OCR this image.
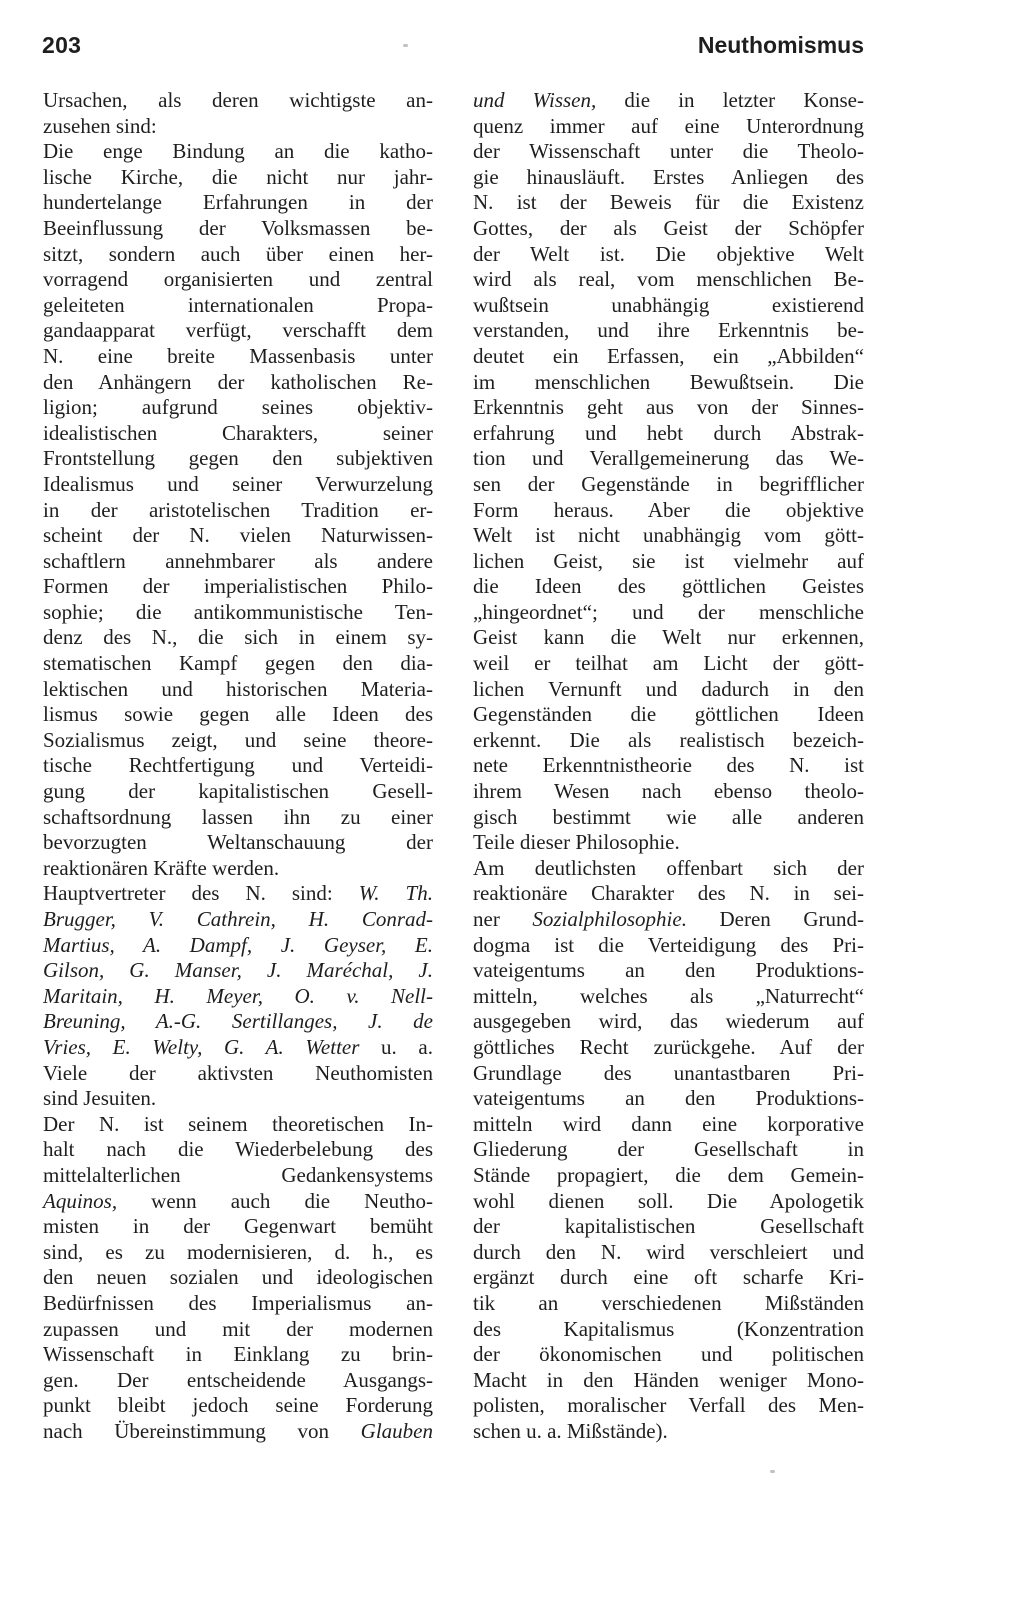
203	Neuthomismus
Ursachen, als deren wichtigste an-
zusehen sind:
Die enge Bindung an die katho-
lische Kirche, die nicht nur jahr-
hundertelange Erfahrungen in der
Beeinflussung der Volksmassen be-
sitzt, sondern auch über einen her-
vorragend organisierten und zentral
geleiteten internationalen Propa-
gandaapparat verfügt, verschafft dem
N. eine breite Massenbasis unter
den Anhängern der katholischen Re-
ligion; aufgrund seines objektiv-
idealistischen Charakters, seiner
Frontstellung gegen den subjektiven
Idealismus und seiner Verwurzelung
in der aristotelischen Tradition er-
scheint der N. vielen Naturwissen-
schaftlern annehmbarer als andere
Formen der imperialistischen Philo-
sophie; die antikommunistische Ten-
denz des N., die sich in einem sy-
stematischen Kampf gegen den dia-
lektischen und historischen Materia-
lismus sowie gegen alle Ideen des
Sozialismus zeigt, und seine theore-
tische Rechtfertigung und Verteidi-
gung der kapitalistischen Gesell-
schaftsordnung lassen ihn zu einer
bevorzugten Weltanschauung der
reaktionären Kräfte werden.
Hauptvertreter des N. sind: W. Th.
Brugger, V. Cathrein, H. Conrad-
Martius, A. Dampf, J. Geyser, E.
Gilson, G. Manser, J. Maréchal, J.
Maritain, H. Meyer, O. v. Nell-
Breuning, A.-G. Sertillanges, J. de
Vries, E. Welty, G. A. Wetter u. a.
Viele der aktivsten Neuthomisten
sind Jesuiten.
Der N. ist seinem theoretischen In-
halt nach die Wiederbelebung des
mittelalterlichen Gedankensystems
Aquinos, wenn auch die Neutho-
misten in der Gegenwart bemüht
sind, es zu modernisieren, d. h., es
den neuen sozialen und ideologischen
Bedürfnissen des Imperialismus an-
zupassen und mit der modernen
Wissenschaft in Einklang zu brin-
gen. Der entscheidende Ausgangs-
punkt bleibt jedoch seine Forderung
nach Übereinstimmung von Glauben
und Wissen, die in letzter Konse-
quenz immer auf eine Unterordnung
der Wissenschaft unter die Theolo-
gie hinausläuft. Erstes Anliegen des
N. ist der Beweis für die Existenz
Gottes, der als Geist der Schöpfer
der Welt ist. Die objektive Welt
wird als real, vom menschlichen Be-
wußtsein unabhängig existierend
verstanden, und ihre Erkenntnis be-
deutet ein Erfassen, ein „Abbilden“
im menschlichen Bewußtsein. Die
Erkenntnis geht aus von der Sinnes-
erfahrung und hebt durch Abstrak-
tion und Verallgemeinerung das We-
sen der Gegenstände in begrifflicher
Form heraus. Aber die objektive
Welt ist nicht unabhängig vom gött-
lichen Geist, sie ist vielmehr auf
die Ideen des göttlichen Geistes
„hingeordnet“; und der menschliche
Geist kann die Welt nur erkennen,
weil er teilhat am Licht der gött-
lichen Vernunft und dadurch in den
Gegenständen die göttlichen Ideen
erkennt. Die als realistisch bezeich-
nete Erkenntnistheorie des N. ist
ihrem Wesen nach ebenso theolo-
gisch bestimmt wie alle anderen
Teile dieser Philosophie.
Am deutlichsten offenbart sich der
reaktionäre Charakter des N. in sei-
ner Sozialphilosophie. Deren Grund-
dogma ist die Verteidigung des Pri-
vateigentums an den Produktions-
mitteln, welches als „Naturrecht“
ausgegeben wird, das wiederum auf
göttliches Recht zurückgehe. Auf der
Grundlage des unantastbaren Pri-
vateigentums an den Produktions-
mitteln wird dann eine korporative
Gliederung der Gesellschaft in
Stände propagiert, die dem Gemein-
wohl dienen soll. Die Apologetik
der kapitalistischen Gesellschaft
durch den N. wird verschleiert und
ergänzt durch eine oft scharfe Kri-
tik an verschiedenen Mißständen
des Kapitalismus (Konzentration
der ökonomischen und politischen
Macht in den Händen weniger Mono-
polisten, moralischer Verfall des Men-
schen u. a. Mißstände).
